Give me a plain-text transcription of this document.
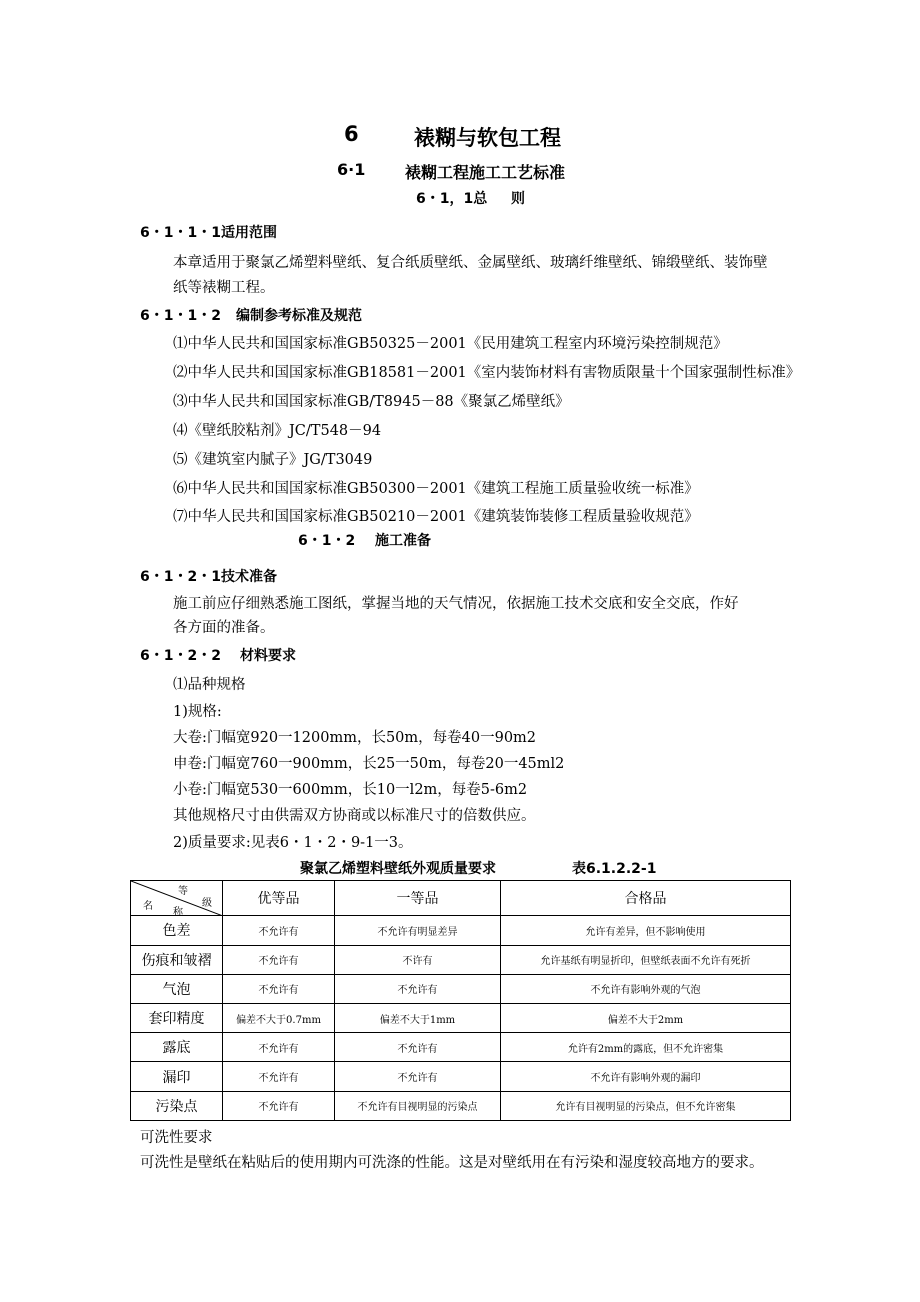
6	裱糊与软包工程
6·1 裱糊工程施工工艺标准
6・1，1总 则
6・1・1・1适用范围
本章适用于聚氯乙烯塑料壁纸、复合纸质壁纸、金属壁纸、玻璃纤维壁纸、锦缎壁纸、装饰壁
纸等裱糊工程。
6・1・1・2 编制参考标准及规范
⑴中华人民共和国国家标准GB50325－2001《民用建筑工程室内环境污染控制规范》
⑵中华人民共和国国家标准GB18581－2001《室内装饰材料有害物质限量十个国家强制性标准》
⑶中华人民共和国国家标准GB/T8945－88《聚氯乙烯壁纸》
⑷《壁纸胶粘剂》JC/T548－94
⑸《建筑室内腻子》JG/T3049
⑹中华人民共和国国家标准GB50300－2001《建筑工程施工质量验收统一标准》
⑺中华人民共和国国家标准GB50210－2001《建筑装饰装修工程质量验收规范》
6・1・2 施工准备
6・1・2・1技术准备
施工前应仔细熟悉施工图纸，掌握当地的天气情况，依据施工技术交底和安全交底，作好
各方面的准备。
6・1・2・2 材料要求
⑴品种规格
1)规格:
大卷:门幅宽920一1200mm，长50m，每卷40一90m2
申卷:门幅宽760一900mm，长25一50m，每卷20一45ml2
小卷:门幅宽530一600mm，长10一l2m，每卷5-6m2
其他规格尺寸由供需双方协商或以标准尺寸的倍数供应。
2)质量要求:见表6・1・2・9-1一3。
聚氯乙烯塑料壁纸外观质量要求	表6.1.2.2-1
等
级
名
称	优等品	一等品	合格品
色差	不允许有	不允许有明显差异	允许有差异，但不影响使用
伤痕和皱褶	不允许有	不许有	允许基纸有明显折印，但壁纸表面不允许有死折
气泡	不允许有	不允许有	不允许有影响外观的气泡
套印精度	偏差不大于0.7mm	偏差不大于1mm	偏差不大于2mm
露底	不允许有	不允许有	允许有2mm的露底，但不允许密集
漏印	不允许有	不允许有	不允许有影响外观的漏印
污染点	不允许有	不允许有目视明显的污染点	允许有目视明显的污染点，但不允许密集
可洗性要求
可洗性是壁纸在粘贴后的使用期内可洗涤的性能。这是对壁纸用在有污染和湿度较高地方的要求。
